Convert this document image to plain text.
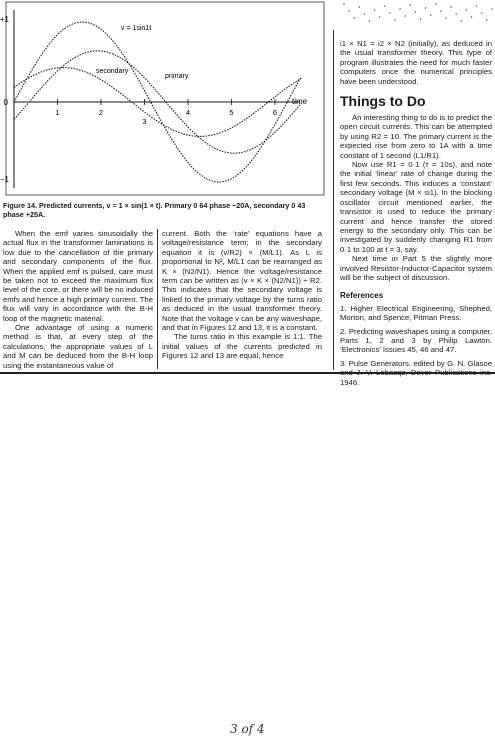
+1
−1
0
1	2
3
4	5	6
time
v = 1sin1t
secondary
primary
Figure 14. Predicted currents, v = 1 × sin(1 × t). Primary 0 64 phase −20A, secondary 0 43 phase +25A.

When the emf varies sinusoidally the actual flux in the transformer laminations is low due to the cancellation of the primary and secondary components of the flux. When the applied emf is pulsed, care must be taken not to exceed the maximum flux level of the core, or there will be no induced emfs and hence a high primary current. The flux will vary in accordance with the B-H loop of the magnetic material.

One advantage of using a numeric method is that, at every step of the calculations, the appropriate values of L and M can be deduced from the B-H loop using the instantaneous value of

current. Both the ‘rate’ equations have a voltage/resistance term; in the secondary equation it is (v/R2) × (M/L1). As L is proportional to N², M/L1 can be rearranged as K × (N2/N1). Hence the voltage/resistance term can be written as (v × K × (N2/N1)) ÷ R2. This indicates that the secondary voltage is linked to the primary voltage by the turns ratio as deduced in the usual transformer theory. Note that the voltage v can be any waveshape, and that in Figures 12 and 13, it is a constant.

The turns ratio in this example is 1:1. The initial values of the currents predicted in Figures 12 and 13 are equal, hence

i1 × N1 = i2 × N2 (initially), as deduced in the usual transformer theory. This type of program illustrates the need for much faster computers once the numerical principles have been understood.

Things to Do

An interesting thing to do is to predict the open circuit currents. This can be attempted by using R2 = 10. The primary current is the expected rise from zero to 1A with a time constant of 1 second (L1/R1).

Now use R1 = 0·1 (τ = 10s), and note the initial ‘linear’ rate of change during the first few seconds. This induces a ‘constant’ secondary voltage (M × si1). In the blocking oscillator circuit mentioned earlier, the transistor is used to reduce the primary current and hence transfer the stored energy to the secondary only. This can be investigated by suddenly changing R1 from 0·1 to 100 at t = 3, say.

Next time in Part 5 the slightly more involved Resistor-Inductor-Capacitor system will be the subject of discussion.

References

1. Higher Electrical Engineering, Shephed, Morton, and Spence, Pitman Press.

2. Predicting waveshapes using a computer, Parts 1, 2 and 3 by Philip Lawton. ‘Electronics’ Issues 45, 46 and 47.

3. Pulse Generators, edited by G. N. Glasoe 1946.

3 of 4
